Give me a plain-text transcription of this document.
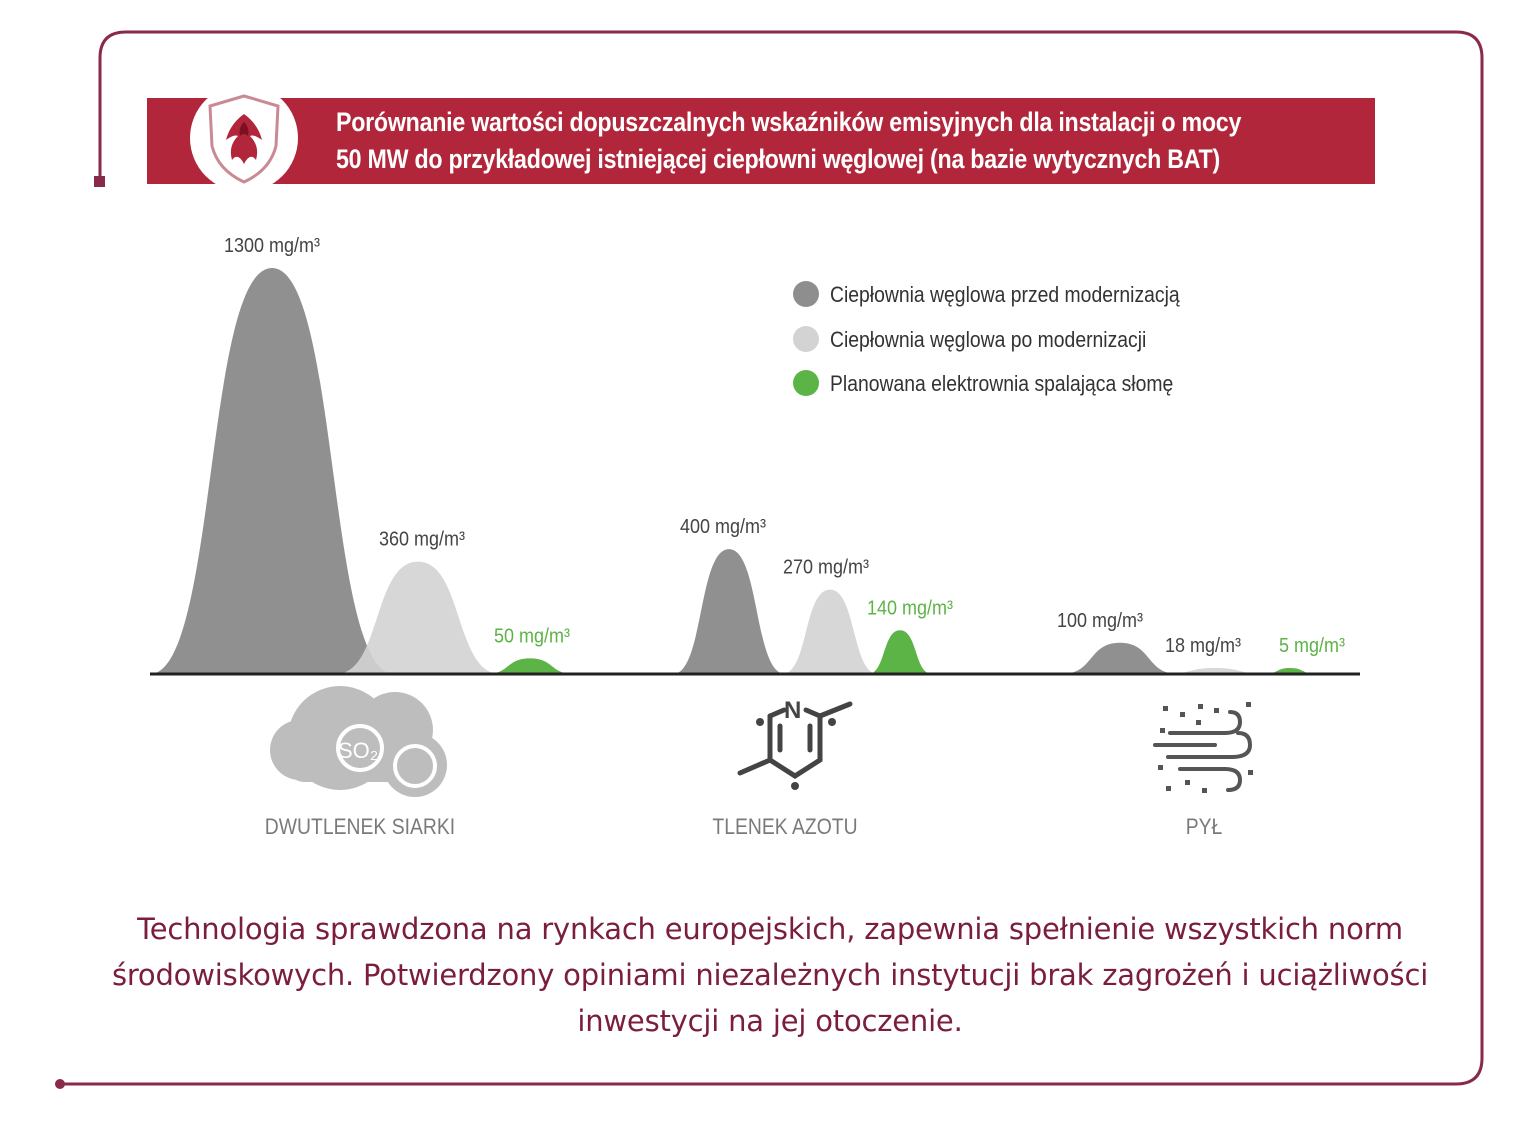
Porównanie wartości dopuszczalnych wskaźników emisyjnych dla instalacji o mocy
50 MW do przykładowej istniejącej ciepłowni węglowej (na bazie wytycznych BAT)
1300 mg/m³
400 mg/m³
100 mg/m³
360 mg/m³
270 mg/m³
18 mg/m³
50 mg/m³
140 mg/m³
5 mg/m³
Ciepłownia węglowa przed modernizacją
Ciepłownia węglowa po modernizacji
Planowana elektrownia spalająca słomę
SO₂
N
DWUTLENEK SIARKI	TLENEK AZOTU	PYŁ
Technologia sprawdzona na rynkach europejskich, zapewnia spełnienie wszystkich norm
środowiskowych. Potwierdzony opiniami niezależnych instytucji brak zagrożeń i uciążliwości
inwestycji na jej otoczenie.
